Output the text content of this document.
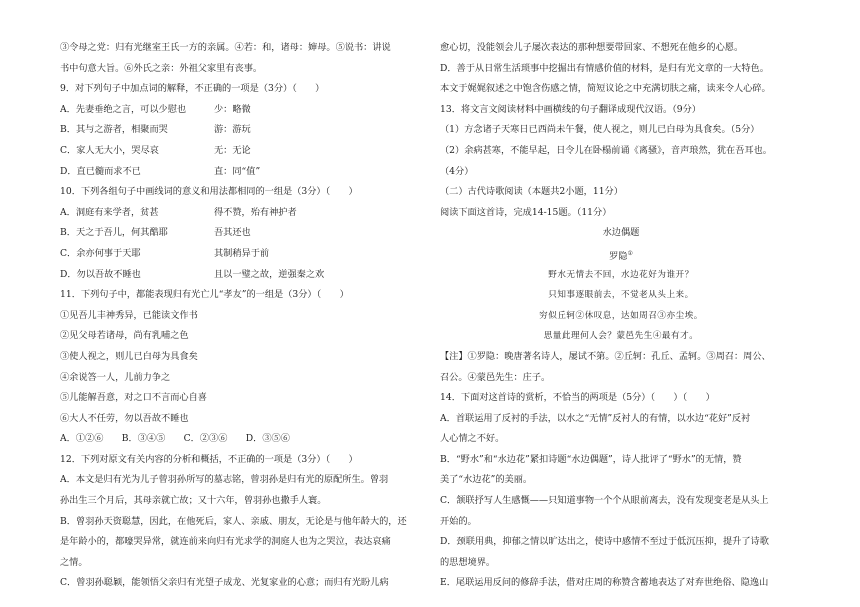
③令母之党：归有光继室王氏一方的亲属。④若：和，诸母：婶母。⑤说书：讲说
书中句意大旨。⑥外氏之亲：外祖父家里有丧事。
9．对下列句子中加点词的解释，不正确的一项是（3分）（　　）
A．先妻垂绝之言，可以少慰也	少：略微
B．其与之游者，相聚而哭	游：游玩
C．家人无大小，哭尽哀	无：无论
D．直已髓而求不已	直：同“值”
10．下列各组句子中画线词的意义和用法都相同的一组是（3分）（　　）
A．洞庭有来学者，贫甚	得不赞，殆有神护者
B．天之于吾儿，何其酷耶	吾其还也
C．余亦何事于天耶	其制稍异于前
D．勿以吾故不睡也	且以一璧之故，逆强秦之欢
11．下列句子中，都能表现归有光亡儿“孝友”的一组是（3分）（　　）
①见吾儿丰神秀异，已能读文作书
②见父母若诸母，尚有乳哺之色
③使人视之，则儿已白母为具食矣
④余说答一人，儿前力争之
⑤儿能解吾意，对之口不言而心自喜
⑥大人不任劳，勿以吾故不睡也
A．①②⑥　　B．③④⑤　　C．②③⑥　　D．③⑤⑥
12．下列对原文有关内容的分析和概括，不正确的一项是（3分）（　　）
A．本文是归有光为儿子曾羽孙所写的墓志铭，曾羽孙是归有光的原配所生。曾羽
孙出生三个月后，其母亲就亡故；又十六年，曾羽孙也撒手人寰。
B．曾羽孙天资聪慧，因此，在他死后，家人、亲戚、朋友，无论是与他年龄大的，还
是年龄小的，都嚎哭异常，就连前来向归有光求学的洞庭人也为之哭泣，表达哀痛
之情。
C．曾羽孙聪颖，能领悟父亲归有光望子成龙、光复家业的心意；而归有光盼儿病
愈心切，没能领会儿子屡次表达的那种想要带回家、不想死在他乡的心愿。
D．善于从日常生活琐事中挖掘出有情感价值的材料，是归有光文章的一大特色。
本文于娓娓叙述之中饱含伤感之情，简短议论之中充满切肤之痛，读来令人心碎。
13．将文言文阅读材料中画横线的句子翻译成现代汉语。（9分）
（1）方念诸子天寒日已西尚未午餐，使人视之，则儿已白母为具食矣。（5分）
（2）余病甚寒，不能早起，日令儿在卧榻前诵《离骚》，音声琅然，犹在吾耳也。
（4分）
（二）古代诗歌阅读（本题共2小题，11分）
阅读下面这首诗，完成14-15题。（11分）
水边偶题
罗隐①
野水无情去不回，水边花好为谁开？
只知事逐眼前去，不觉老从头上来。
穷似丘轲②休叹息，达如周召③亦尘埃。
思量此理何人会？蒙邑先生④最有才。
【注】①罗隐：晚唐著名诗人，屡试不第。②丘轲：孔丘、孟轲。③周召：周公、
召公。④蒙邑先生：庄子。
14．下面对这首诗的赏析，不恰当的两项是（5分）（　　）（　　）
A．首联运用了反衬的手法，以水之“无情”反衬人的有情，以水边“花好”反衬
人心情之不好。
B．“野水”和“水边花”紧扣诗题“水边偶题”，诗人批评了“野水”的无情，赞
美了“水边花”的美丽。
C．颔联抒写人生感慨——只知道事物一个个从眼前离去，没有发现变老是从头上
开始的。
D．颈联用典，抑郁之情以旷达出之，使诗中感情不至过于低沉压抑，提升了诗歌
的思想境界。
E．尾联运用反问的修辞手法，借对庄周的称赞含蓄地表达了对弃世绝俗、隐逸山
